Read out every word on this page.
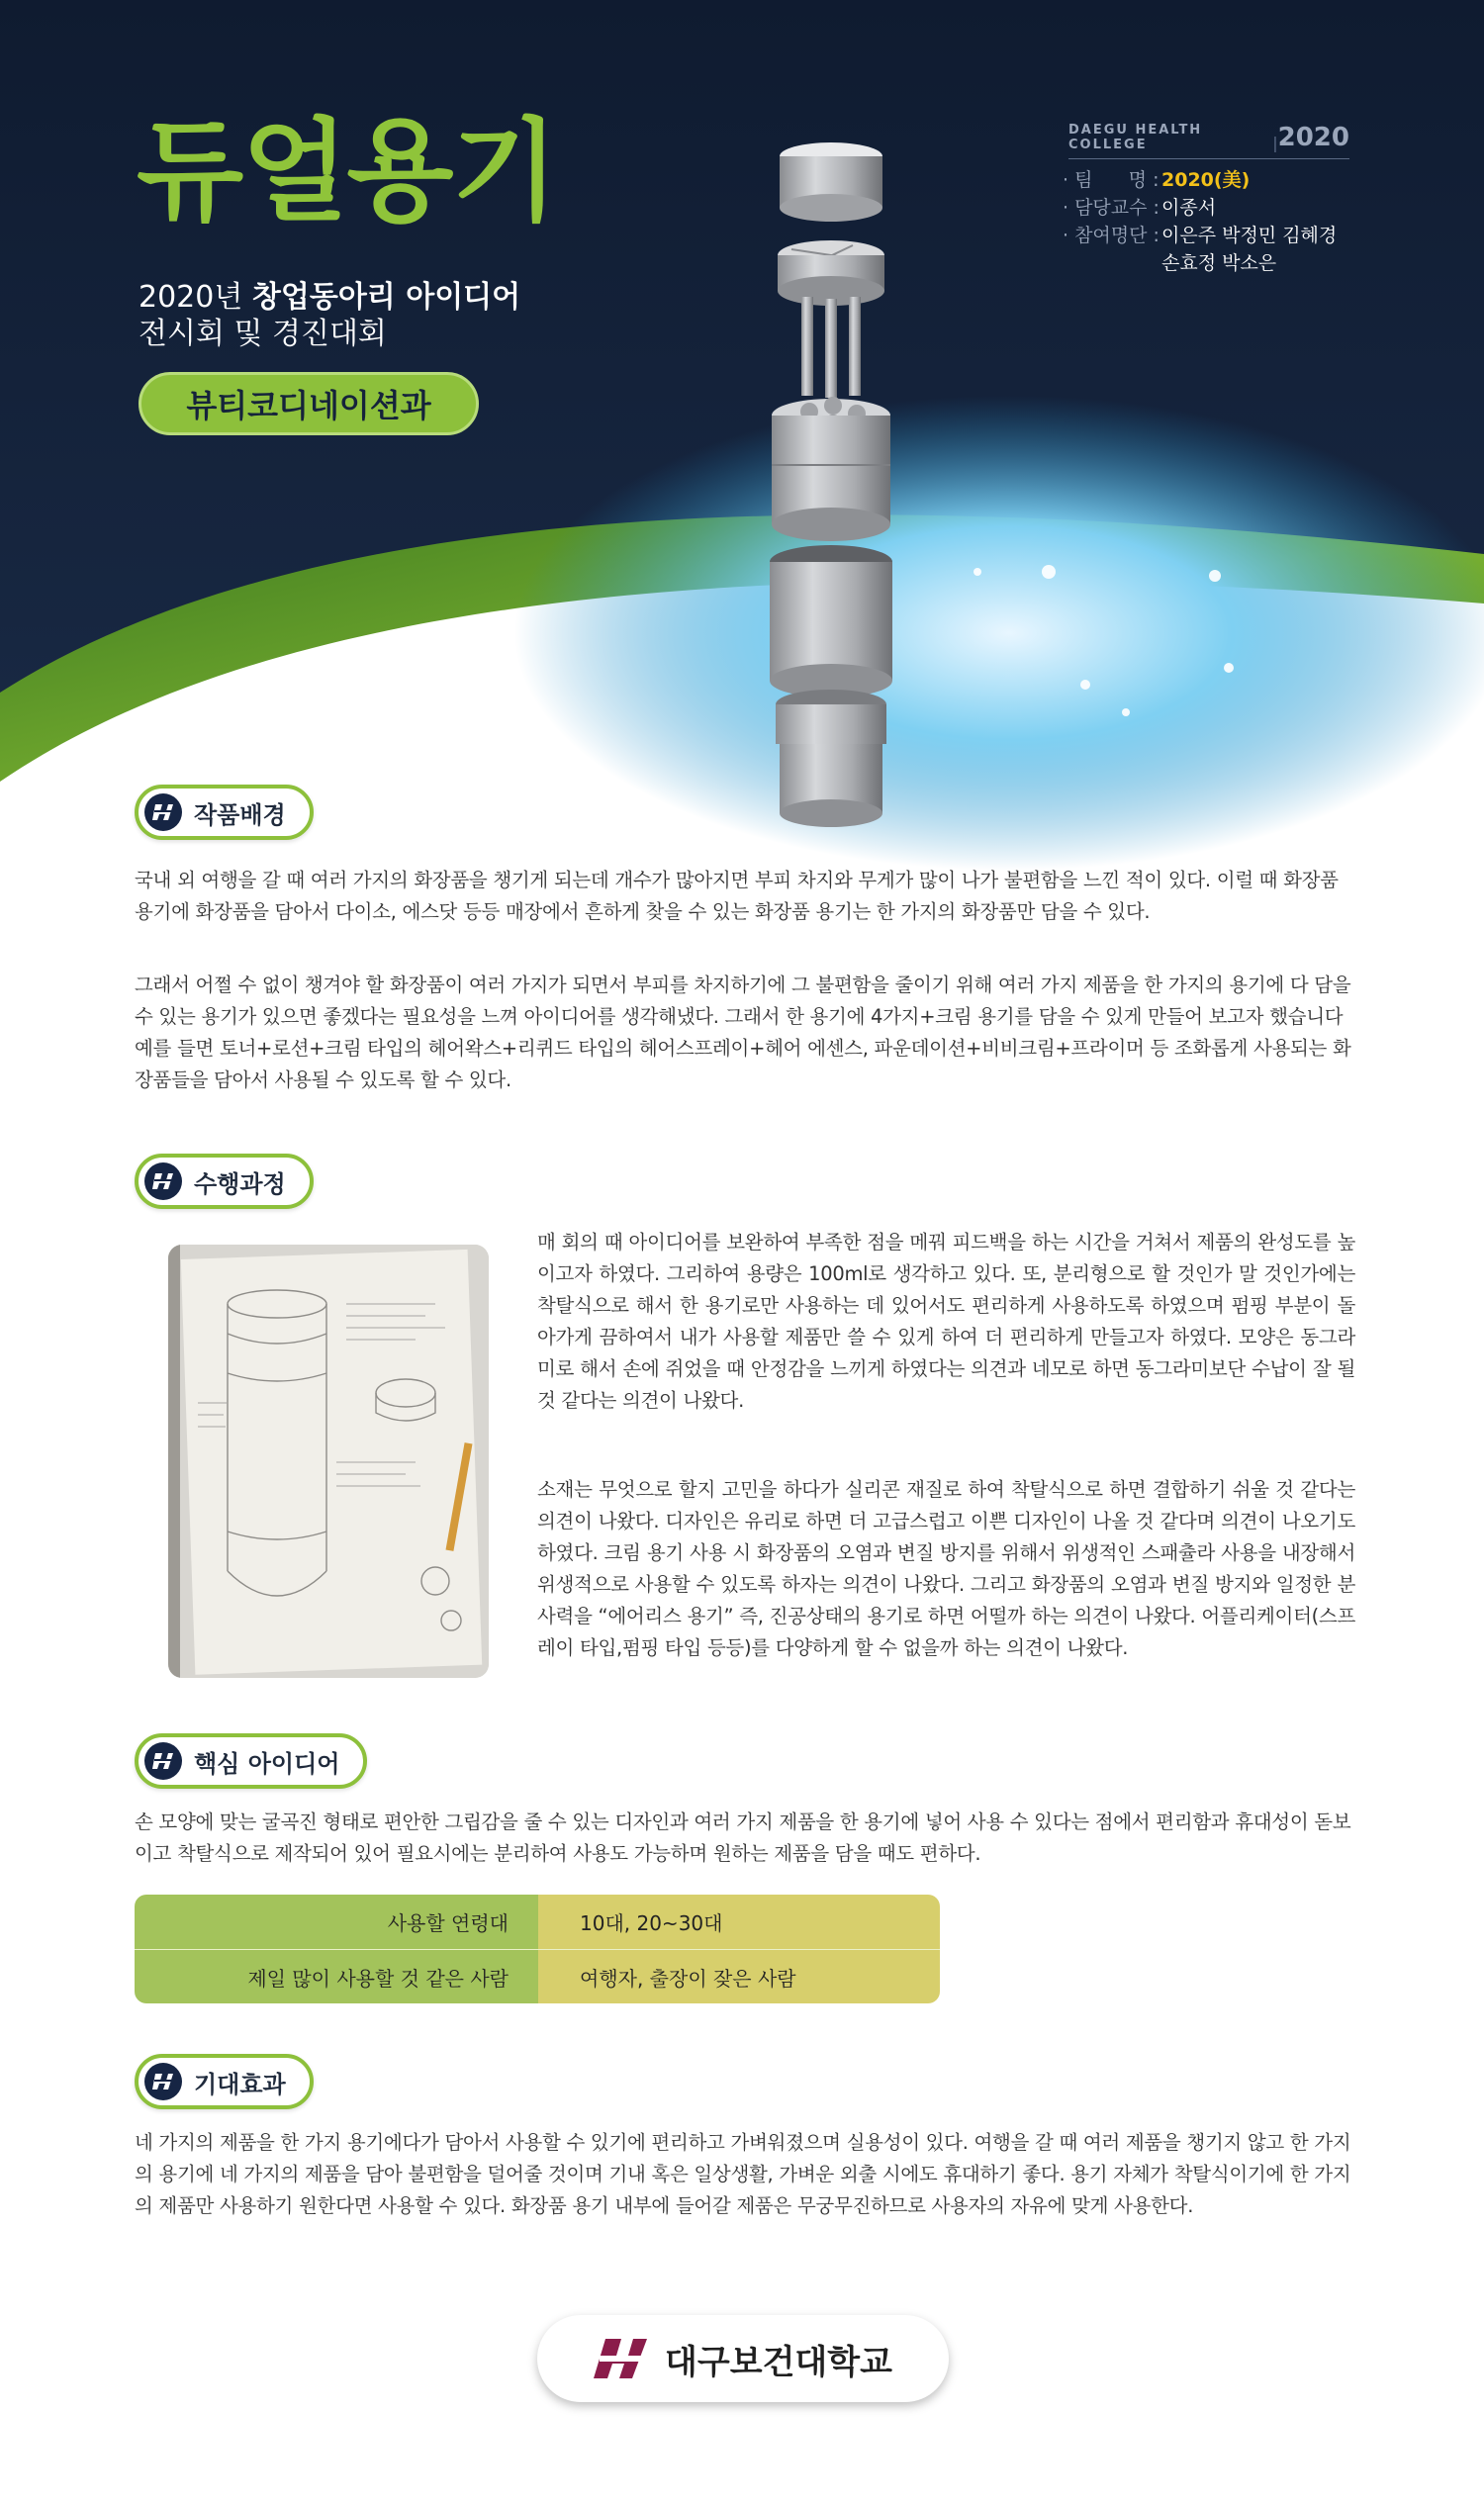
듀얼용기
2020년 창업동아리 아이디어
전시회 및 경진대회
뷰티코디네이션과
DAEGU HEALTH COLLEGE	| 2020
· 팀      명 : 2020(美)
· 담당교수 : 이종서
· 참여명단 : 이은주 박정민 김혜경
손효정 박소은
작품배경
국내 외 여행을 갈 때 여러 가지의 화장품을 챙기게 되는데 개수가 많아지면 부피 차지와 무게가 많이 나가 불편함을 느낀 적이 있다. 이럴 때 화장품 용기에 화장품을 담아서 다이소, 에스닷 등등 매장에서 흔하게 찾을 수 있는 화장품 용기는 한 가지의 화장품만 담을 수 있다.
그래서 어쩔 수 없이 챙겨야 할 화장품이 여러 가지가 되면서 부피를 차지하기에 그 불편함을 줄이기 위해 여러 가지 제품을 한 가지의 용기에 다 담을 수 있는 용기가 있으면 좋겠다는 필요성을 느껴 아이디어를 생각해냈다. 그래서 한 용기에 4가지+크림 용기를 담을 수 있게 만들어 보고자 했습니다 예를 들면 토너+로션+크림 타입의 헤어왁스+리퀴드 타입의 헤어스프레이+헤어 에센스, 파운데이션+비비크림+프라이머 등 조화롭게 사용되는 화장품들을 담아서 사용될 수 있도록 할 수 있다.
수행과정
매 회의 때 아이디어를 보완하여 부족한 점을 메꿔 피드백을 하는 시간을 거쳐서 제품의 완성도를 높이고자 하였다. 그리하여 용량은 100ml로 생각하고 있다. 또, 분리형으로 할 것인가 말 것인가에는 착탈식으로 해서 한 용기로만 사용하는 데 있어서도 편리하게 사용하도록 하였으며 펌핑 부분이 돌아가게 끔하여서 내가 사용할 제품만 쓸 수 있게 하여 더 편리하게 만들고자 하였다. 모양은 동그라미로 해서 손에 쥐었을 때 안정감을 느끼게 하였다는 의견과 네모로 하면 동그라미보단 수납이 잘 될 것 같다는 의견이 나왔다.
소재는 무엇으로 할지 고민을 하다가 실리콘 재질로 하여 착탈식으로 하면 결합하기 쉬울 것 같다는 의견이 나왔다. 디자인은 유리로 하면 더 고급스럽고 이쁜 디자인이 나올 것 같다며 의견이 나오기도 하였다. 크림 용기 사용 시 화장품의 오염과 변질 방지를 위해서 위생적인 스패츌라 사용을 내장해서 위생적으로 사용할 수 있도록 하자는 의견이 나왔다. 그리고 화장품의 오염과 변질 방지와 일정한 분사력을 “에어리스 용기” 즉, 진공상태의 용기로 하면 어떨까 하는 의견이 나왔다. 어플리케이터(스프레이 타입,펌핑 타입 등등)를 다양하게 할 수 없을까 하는 의견이 나왔다.
핵심 아이디어
손 모양에 맞는 굴곡진 형태로 편안한 그립감을 줄 수 있는 디자인과 여러 가지 제품을 한 용기에 넣어 사용 수 있다는 점에서 편리함과 휴대성이 돋보이고 착탈식으로 제작되어 있어 필요시에는 분리하여 사용도 가능하며 원하는 제품을 담을 때도 편하다.
사용할 연령대	10대, 20~30대
제일 많이 사용할 것 같은 사람	여행자, 출장이 잦은 사람
기대효과
네 가지의 제품을 한 가지 용기에다가 담아서 사용할 수 있기에 편리하고 가벼워졌으며 실용성이 있다. 여행을 갈 때 여러 제품을 챙기지 않고 한 가지의 용기에 네 가지의 제품을 담아 불편함을 덜어줄 것이며 기내 혹은 일상생활, 가벼운 외출 시에도 휴대하기 좋다. 용기 자체가 착탈식이기에 한 가지의 제품만 사용하기 원한다면 사용할 수 있다. 화장품 용기 내부에 들어갈 제품은 무궁무진하므로 사용자의 자유에 맞게 사용한다.
대구보건대학교
